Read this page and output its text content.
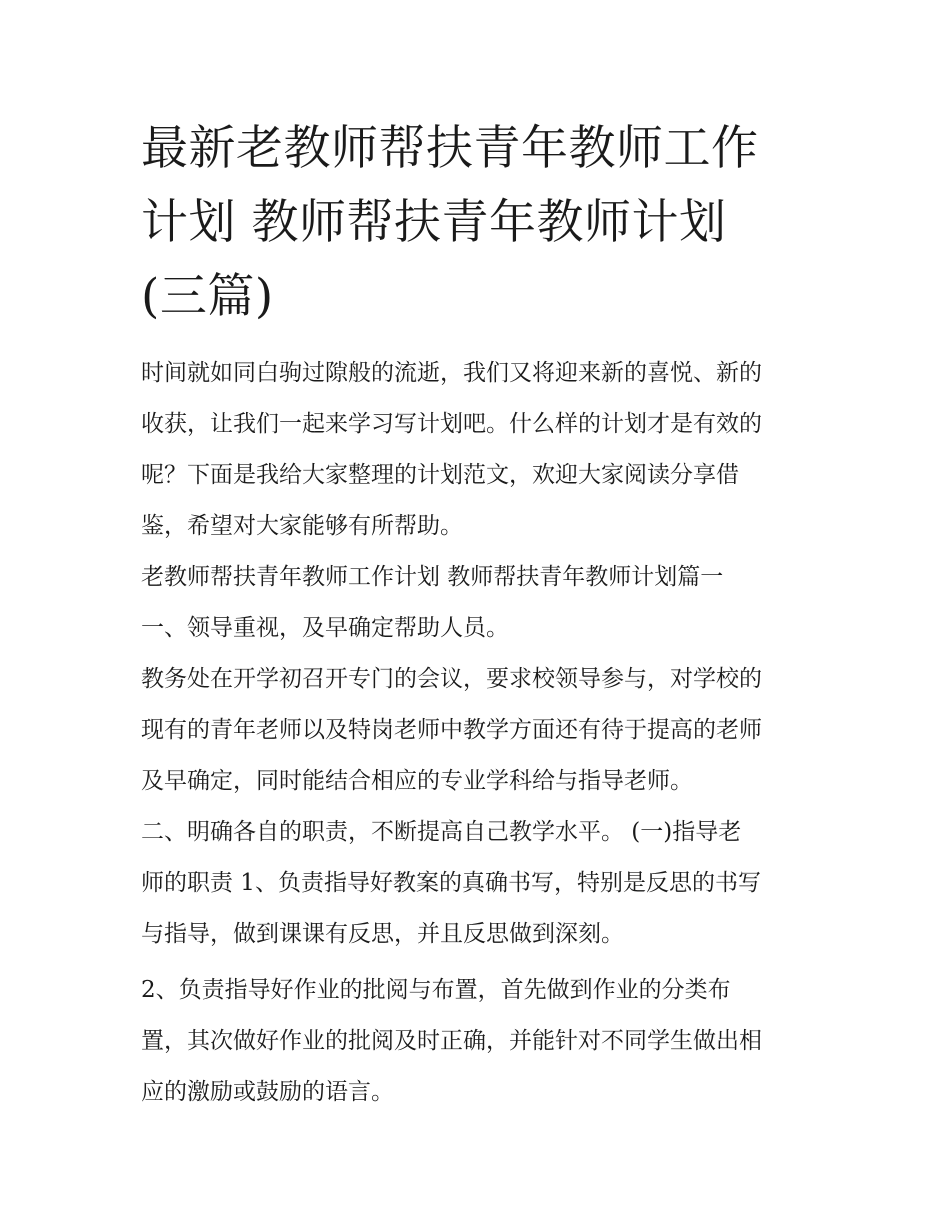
最新老教师帮扶青年教师工作
计划 教师帮扶青年教师计划
(三篇)

时间就如同白驹过隙般的流逝，我们又将迎来新的喜悦、新的
收获，让我们一起来学习写计划吧。什么样的计划才是有效的
呢？下面是我给大家整理的计划范文，欢迎大家阅读分享借
鉴，希望对大家能够有所帮助。

老教师帮扶青年教师工作计划 教师帮扶青年教师计划篇一

一、领导重视，及早确定帮助人员。

教务处在开学初召开专门的会议，要求校领导参与，对学校的
现有的青年老师以及特岗老师中教学方面还有待于提高的老师
及早确定，同时能结合相应的专业学科给与指导老师。

二、明确各自的职责，不断提高自己教学水平。 (一)指导老
师的职责 1、负责指导好教案的真确书写，特别是反思的书写
与指导，做到课课有反思，并且反思做到深刻。

2、负责指导好作业的批阅与布置，首先做到作业的分类布
置，其次做好作业的批阅及时正确，并能针对不同学生做出相
应的激励或鼓励的语言。
